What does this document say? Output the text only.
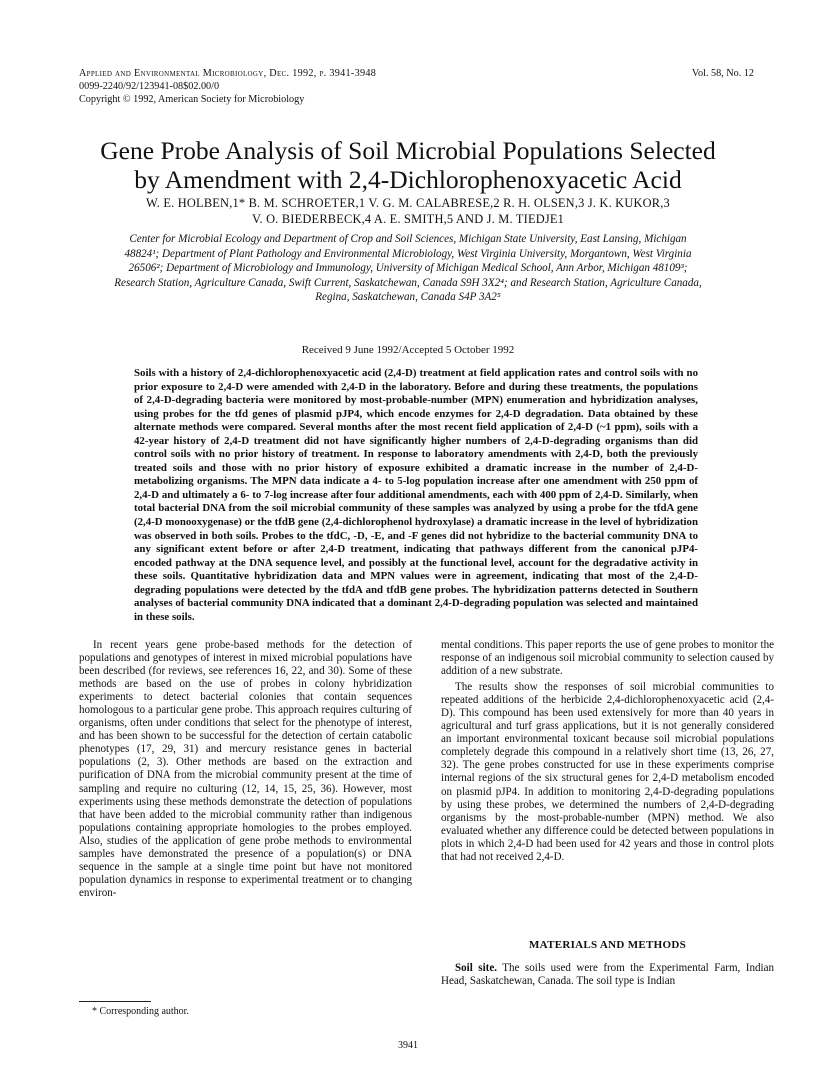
Applied and Environmental Microbiology, Dec. 1992, p. 3941-3948
0099-2240/92/123941-08$02.00/0
Copyright © 1992, American Society for Microbiology
Vol. 58, No. 12
Gene Probe Analysis of Soil Microbial Populations Selected
by Amendment with 2,4-Dichlorophenoxyacetic Acid
W. E. HOLBEN,1* B. M. SCHROETER,1 V. G. M. CALABRESE,2 R. H. OLSEN,3 J. K. KUKOR,3
V. O. BIEDERBECK,4 A. E. SMITH,5 AND J. M. TIEDJE1
Center for Microbial Ecology and Department of Crop and Soil Sciences, Michigan State University, East Lansing, Michigan 48824¹; Department of Plant Pathology and Environmental Microbiology, West Virginia University, Morgantown, West Virginia 26506²; Department of Microbiology and Immunology, University of Michigan Medical School, Ann Arbor, Michigan 48109³; Research Station, Agriculture Canada, Swift Current, Saskatchewan, Canada S9H 3X2⁴; and Research Station, Agriculture Canada, Regina, Saskatchewan, Canada S4P 3A2⁵
Received 9 June 1992/Accepted 5 October 1992
Soils with a history of 2,4-dichlorophenoxyacetic acid (2,4-D) treatment at field application rates and control soils with no prior exposure to 2,4-D were amended with 2,4-D in the laboratory. Before and during these treatments, the populations of 2,4-D-degrading bacteria were monitored by most-probable-number (MPN) enumeration and hybridization analyses, using probes for the tfd genes of plasmid pJP4, which encode enzymes for 2,4-D degradation. Data obtained by these alternate methods were compared. Several months after the most recent field application of 2,4-D (~1 ppm), soils with a 42-year history of 2,4-D treatment did not have significantly higher numbers of 2,4-D-degrading organisms than did control soils with no prior history of treatment. In response to laboratory amendments with 2,4-D, both the previously treated soils and those with no prior history of exposure exhibited a dramatic increase in the number of 2,4-D-metabolizing organisms. The MPN data indicate a 4- to 5-log population increase after one amendment with 250 ppm of 2,4-D and ultimately a 6- to 7-log increase after four additional amendments, each with 400 ppm of 2,4-D. Similarly, when total bacterial DNA from the soil microbial community of these samples was analyzed by using a probe for the tfdA gene (2,4-D monooxygenase) or the tfdB gene (2,4-dichlorophenol hydroxylase) a dramatic increase in the level of hybridization was observed in both soils. Probes to the tfdC, -D, -E, and -F genes did not hybridize to the bacterial community DNA to any significant extent before or after 2,4-D treatment, indicating that pathways different from the canonical pJP4-encoded pathway at the DNA sequence level, and possibly at the functional level, account for the degradative activity in these soils. Quantitative hybridization data and MPN values were in agreement, indicating that most of the 2,4-D-degrading populations were detected by the tfdA and tfdB gene probes. The hybridization patterns detected in Southern analyses of bacterial community DNA indicated that a dominant 2,4-D-degrading population was selected and maintained in these soils.

In recent years gene probe-based methods for the detection of populations and genotypes of interest in mixed microbial populations have been described (for reviews, see references 16, 22, and 30). Some of these methods are based on the use of probes in colony hybridization experiments to detect bacterial colonies that contain sequences homologous to a particular gene probe. This approach requires culturing of organisms, often under conditions that select for the phenotype of interest, and has been shown to be successful for the detection of certain catabolic phenotypes (17, 29, 31) and mercury resistance genes in bacterial populations (2, 3). Other methods are based on the extraction and purification of DNA from the microbial community present at the time of sampling and require no culturing (12, 14, 15, 25, 36). However, most experiments using these methods demonstrate the detection of populations that have been added to the microbial community rather than indigenous populations containing appropriate homologies to the probes employed. Also, studies of the application of gene probe methods to environmental samples have demonstrated the presence of a population(s) or DNA sequence in the sample at a single time point but have not monitored population dynamics in response to experimental treatment or to changing environ-

mental conditions. This paper reports the use of gene probes to monitor the response of an indigenous soil microbial community to selection caused by addition of a new substrate.

The results show the responses of soil microbial communities to repeated additions of the herbicide 2,4-dichlorophenoxyacetic acid (2,4-D). This compound has been used extensively for more than 40 years in agricultural and turf grass applications, but it is not generally considered an important environmental toxicant because soil microbial populations completely degrade this compound in a relatively short time (13, 26, 27, 32). The gene probes constructed for use in these experiments comprise internal regions of the six structural genes for 2,4-D metabolism encoded on plasmid pJP4. In addition to monitoring 2,4-D-degrading populations by using these probes, we determined the numbers of 2,4-D-degrading organisms by the most-probable-number (MPN) method. We also evaluated whether any difference could be detected between populations in plots in which 2,4-D had been used for 42 years and those in control plots that had not received 2,4-D.

MATERIALS AND METHODS

Soil site. The soils used were from the Experimental Farm, Indian Head, Saskatchewan, Canada. The soil type is Indian

* Corresponding author.
3941
